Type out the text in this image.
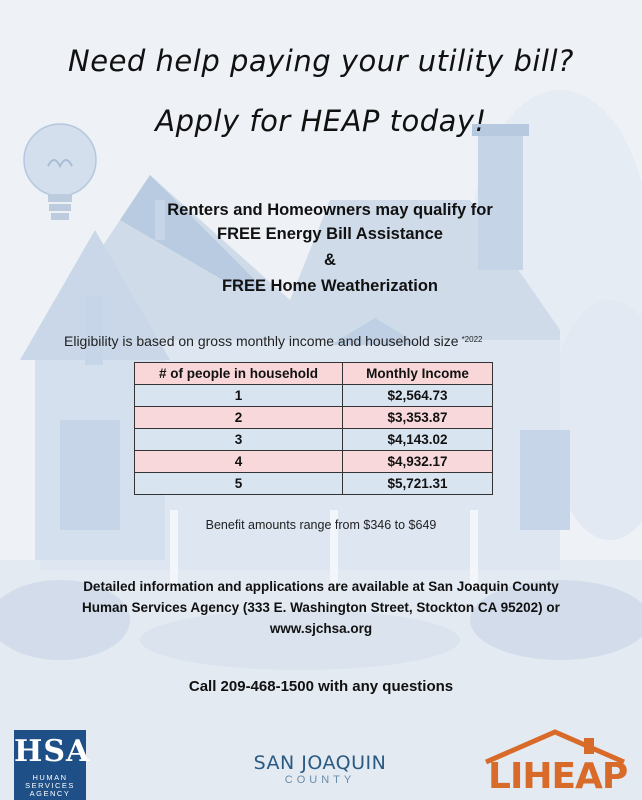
Need help paying your utility bill?
Apply for HEAP today!
Renters and Homeowners may qualify for
FREE Energy Bill Assistance
&
FREE Home Weatherization
Eligibility is based on gross monthly income and household size $^{*2022}$
# of people in household	Monthly Income
1	$2,564.73
2	$3,353.87
3	$4,143.02
4	$4,932.17
5	$5,721.31
Benefit amounts range from $346 to $649
Detailed information and applications are available at San Joaquin County
Human Services Agency (333 E. Washington Street, Stockton CA 95202) or
www.sjchsa.org
Call 209-468-1500 with any questions
HSA
HUMAN
SERVICES
AGENCY
SAN JOAQUIN
COUNTY	LIHEAP
